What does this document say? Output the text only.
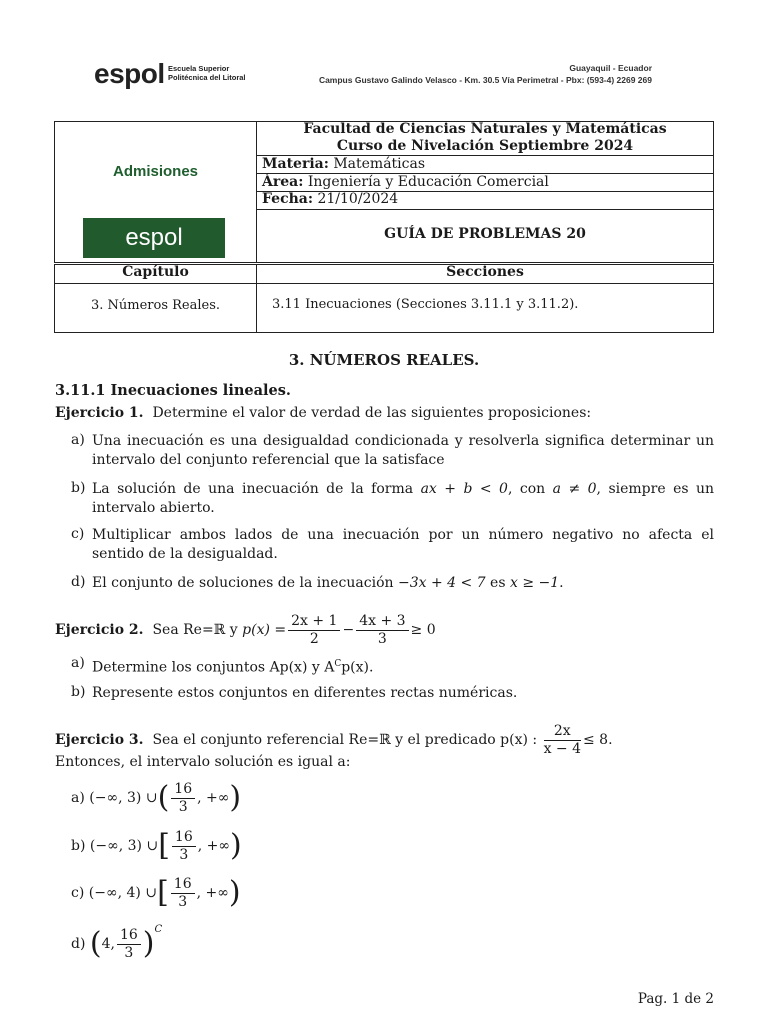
espol Escuela Superior
Politécnica del Litoral
Guayaquil - Ecuador
Campus Gustavo Galindo Velasco - Km. 30.5 Vía Perimetral - Pbx: (593-4) 2269 269
Admisiones
espol
Facultad de Ciencias Naturales y Matemáticas
Curso de Nivelación Septiembre 2024
Materia: Matemáticas
Área: Ingeniería y Educación Comercial
Fecha: 21/10/2024
GUÍA DE PROBLEMAS 20
Capítulo	Secciones
3. Números Reales.	3.11 Inecuaciones (Secciones 3.11.1 y 3.11.2).
3. NÚMEROS REALES.
3.11.1 Inecuaciones lineales.
Ejercicio 1. Determine el valor de verdad de las siguientes proposiciones:
a) Una inecuación es una desigualdad condicionada y resolverla significa determinar un intervalo del conjunto referencial que la satisface
b) La solución de una inecuación de la forma ax + b < 0, con a ≠ 0, siempre es un intervalo abierto.
c) Multiplicar ambos lados de una inecuación por un número negativo no afecta el sentido de la desigualdad.
d) El conjunto de soluciones de la inecuación −3x + 4 < 7 es x ≥ −1.
Ejercicio 2.
Sea Re=ℝ y
$p(x) = \frac{2x + 1}{2} - \frac{4x + 3}{3} \ge 0$
a) Determine los conjuntos Ap(x) y $A^Cp(x)$.
b) Represente estos conjuntos en diferentes rectas numéricas.
Ejercicio 3.
Sea el conjunto referencial Re=ℝ y el predicado p(x) :
$\frac{2x}{x - 4} \le 8$.
Entonces, el intervalo solución es igual a:
a)
(−∞, 3) ∪ ( $\frac{16}{3}$ , +∞ )
b)
(−∞, 3) ∪ [ $\frac{16}{3}$ , +∞ )
c)
(−∞, 4) ∪ [ $\frac{16}{3}$ , +∞ )
d)
( 4, $\frac{16}{3} )^C$
Pag. 1 de 2
